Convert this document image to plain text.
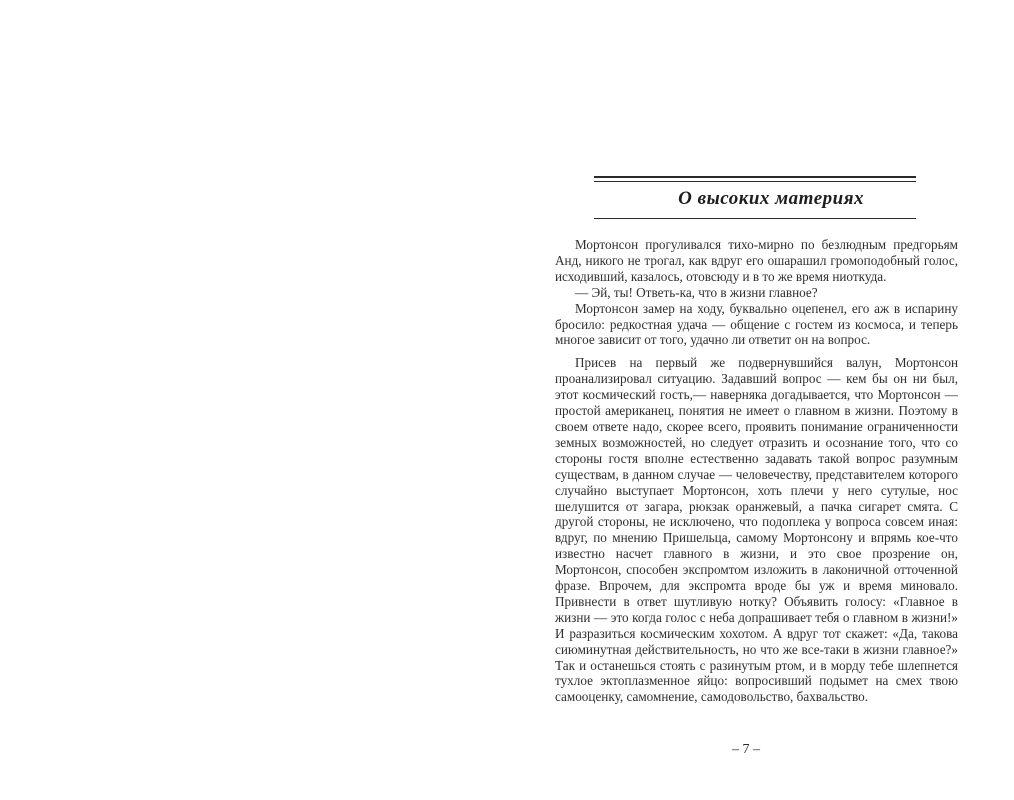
О высоких материях

Мортонсон прогуливался тихо-мирно по безлюдным предгорьям Анд, никого не трогал, как вдруг его ошарашил громоподобный голос, исходивший, казалось, отовсюду и в то же время ниоткуда.

— Эй, ты! Ответь-ка, что в жизни главное?

Мортонсон замер на ходу, буквально оцепенел, его аж в испарину бросило: редкостная удача — общение с гостем из космоса, и теперь многое зависит от того, удачно ли ответит он на вопрос.

Присев на первый же подвернувшийся валун, Мортонсон проанализировал ситуацию. Задавший вопрос — кем бы он ни был, этот космический гость,— наверняка догадывается, что Мортонсон — простой американец, понятия не имеет о главном в жизни. Поэтому в своем ответе надо, скорее всего, проявить понимание ограниченности земных возможностей, но следует отразить и осознание того, что со стороны гостя вполне естественно задавать такой вопрос разумным существам, в данном случае — человечеству, представителем которого случайно выступает Мортонсон, хоть плечи у него сутулые, нос шелушится от загара, рюкзак оранжевый, а пачка сигарет смята. С другой стороны, не исключено, что подоплека у вопроса совсем иная: вдруг, по мнению Пришельца, самому Мортонсону и впрямь кое-что известно насчет главного в жизни, и это свое прозрение он, Мортонсон, способен экспромтом изложить в лаконичной отточенной фразе. Впрочем, для экспромта вроде бы уж и время миновало. Привнести в ответ шутливую нотку? Объявить голосу: «Главное в жизни — это когда голос с неба допрашивает тебя о главном в жизни!» И разразиться космическим хохотом. А вдруг тот скажет: «Да, такова сиюминутная действительность, но что же все-таки в жизни главное?» Так и останешься стоять с разинутым ртом, и в морду тебе шлепнется тухлое эктоплазменное яйцо: вопросивший подымет на смех твою самооценку, самомнение, самодовольство, бахвальство.

– 7 –
